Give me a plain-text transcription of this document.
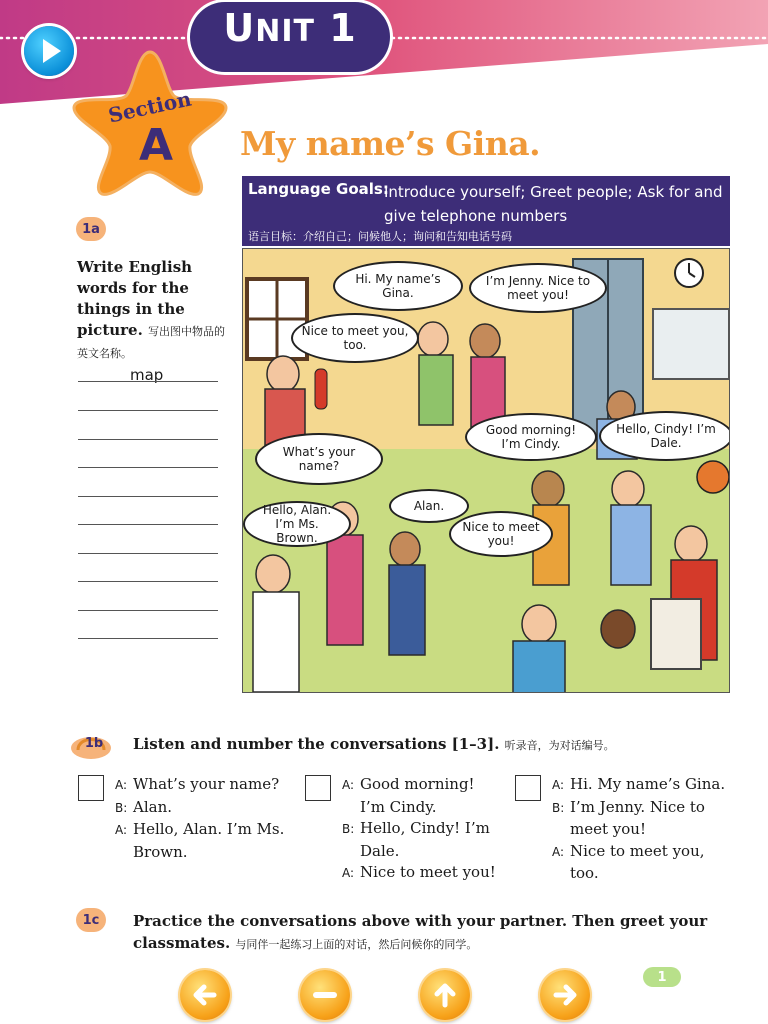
UNIT 1
Section
A My name’s Gina.
Language Goals:
Introduce yourself; Greet people; Ask for and give telephone numbers
语言目标：介绍自己；问候他人；询问和告知电话号码
Hi. My name’s Gina.
I’m Jenny. Nice to meet you!
Nice to meet you, too.
Good morning! I’m Cindy.
Hello, Cindy! I’m Dale.
What’s your name?
Alan.
Hello, Alan. I’m Ms. Brown.
Nice to meet you!
1a
Write English words for the things in the picture. 写出图中物品的英文名称。
map
1b	Listen and number the conversations [1–3]. 听录音，为对话编号。
A: What’s your name?
B: Alan.
A: Hello, Alan. I’m Ms.
Brown.
A: Good morning!
I’m Cindy.
B: Hello, Cindy! I’m
Dale.
A: Nice to meet you!
A: Hi. My name’s Gina.
B: I’m Jenny. Nice to
meet you!
A: Nice to meet you,
too.
1c	Practice the conversations above with your partner. Then greet your classmates. 与同伴一起练习上面的对话，然后问候你的同学。
1
